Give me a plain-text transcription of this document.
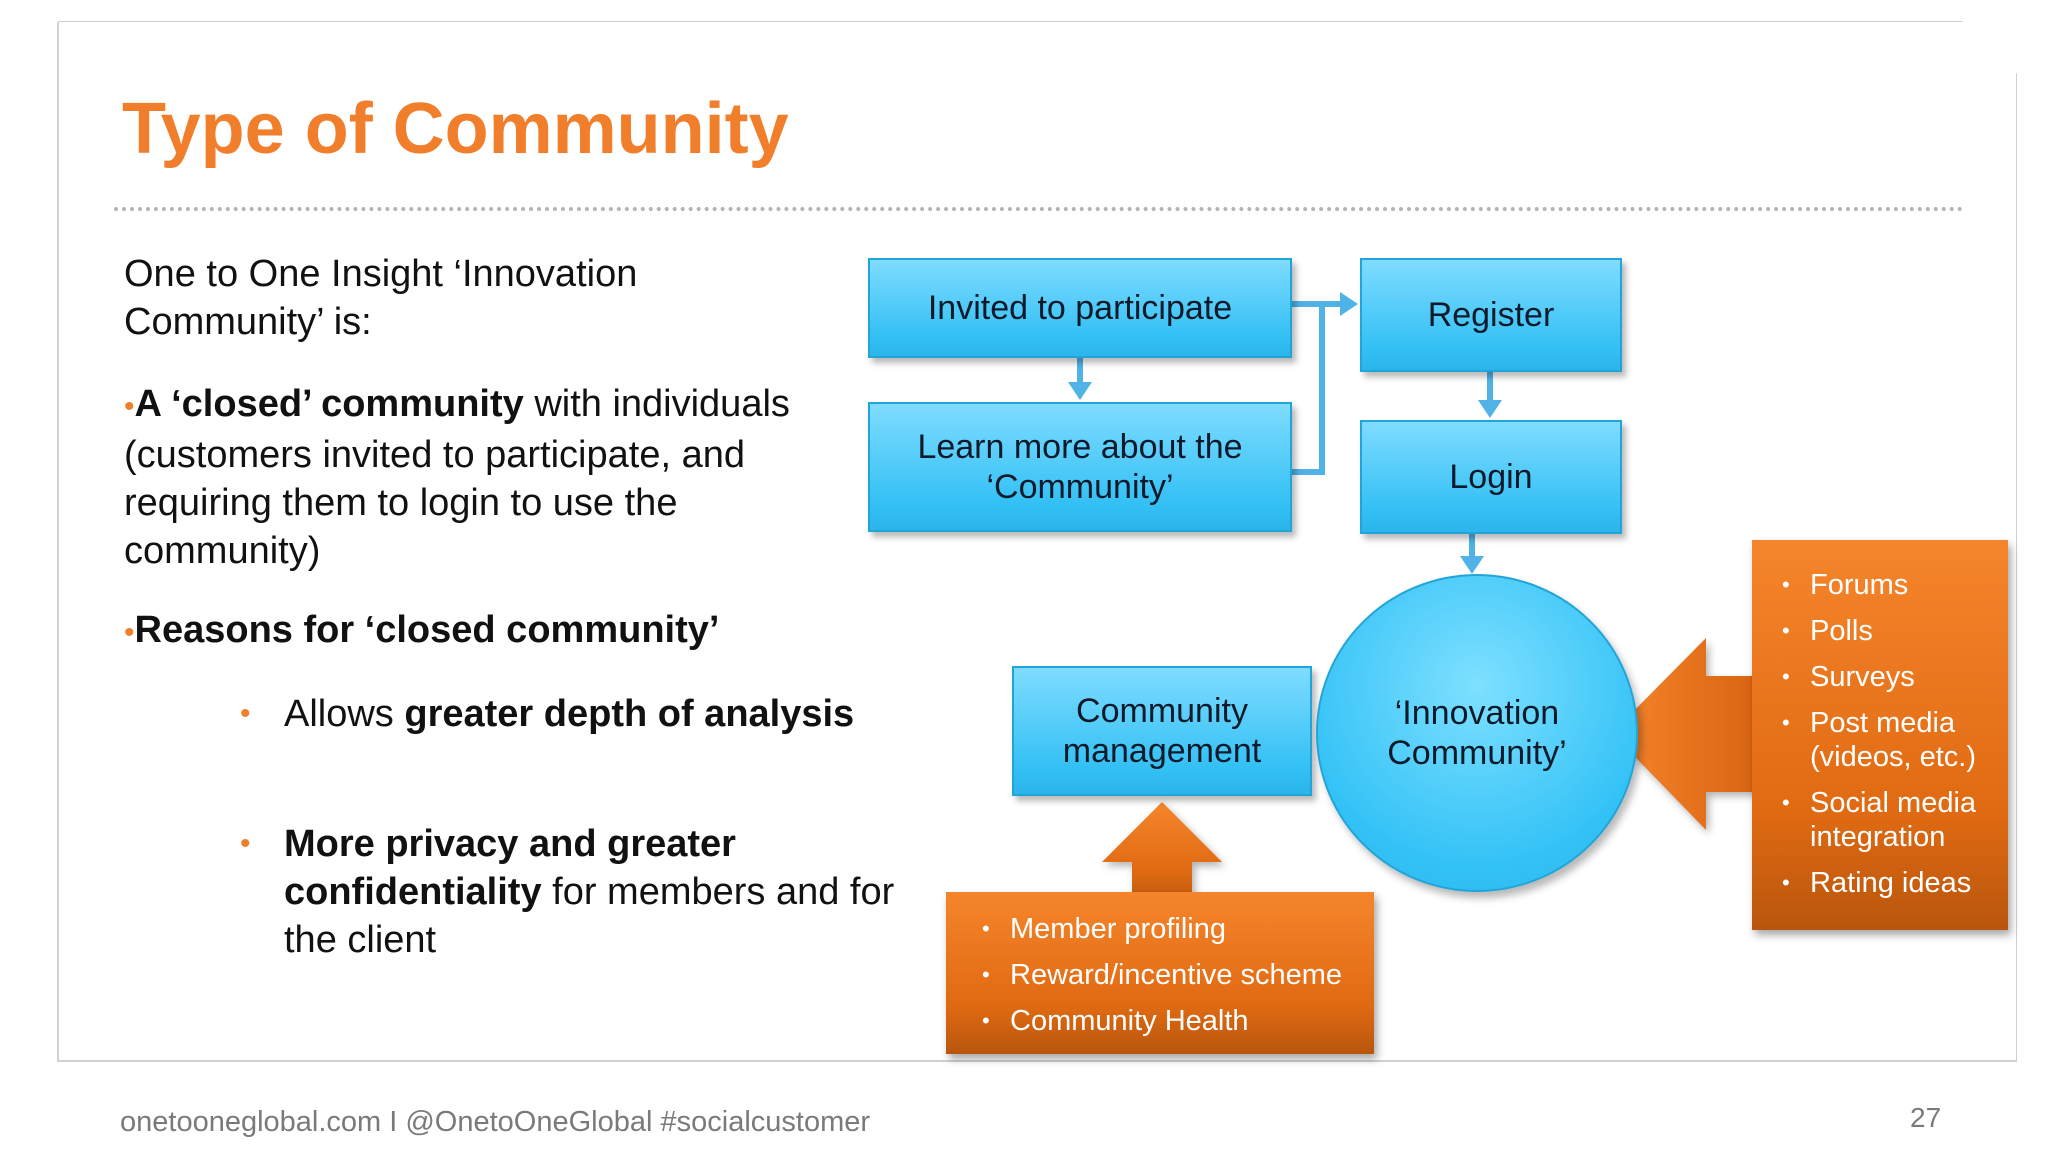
Type of Community
One to One Insight ‘Innovation
Community’ is:
•A ‘closed’ community with individuals (customers invited to participate, and requiring them to login to use the community)
•Reasons for ‘closed community’
• Allows greater depth of analysis
• More privacy and greater confidentiality for members and for the client
Invited to participate
Learn more about the
‘Community’
Register
Login
Community
management
‘Innovation
Community’
• Forums
• Polls
• Surveys
• Post media (videos, etc.)
• Social media integration
• Rating ideas
• Member profiling
• Reward/incentive scheme
• Community Health
onetooneglobal.com I @OnetoOneGlobal #socialcustomer	27
